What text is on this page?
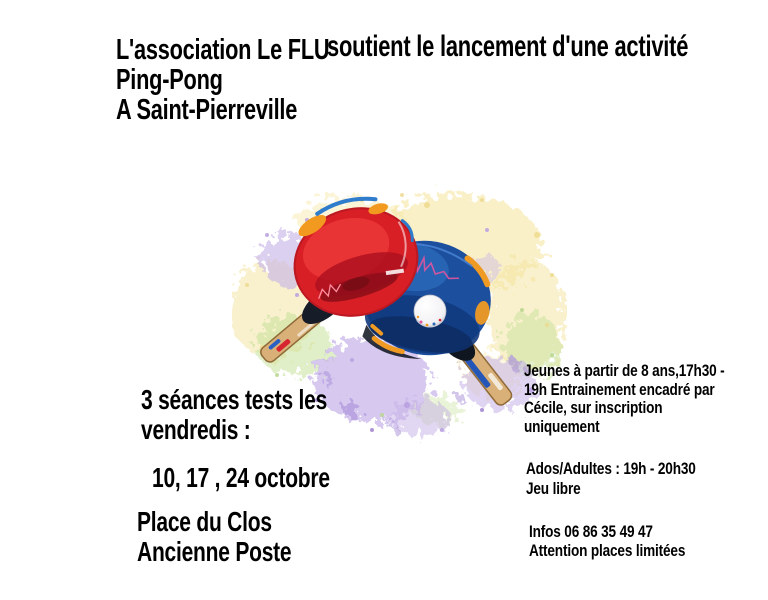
L'association Le FLU
Ping-Pong
A Saint-Pierreville
soutient le lancement d'une activité
3 séances tests les
vendredis :
10, 17 , 24 octobre
Place du Clos
Ancienne Poste
Jeunes à partir de 8 ans,17h30 -
19h Entrainement encadré par
Cécile, sur inscription
uniquement
Ados/Adultes : 19h - 20h30
Jeu libre
Infos 06 86 35 49 47
Attention places limitées
